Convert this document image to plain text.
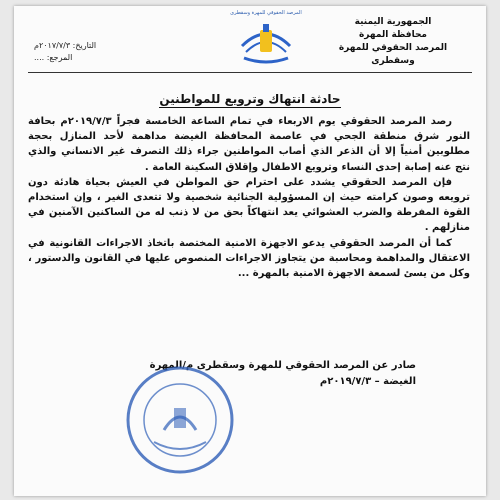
الجمهورية اليمنية
محافظة المهرة
المرصد الحقوقي للمهرة وسقطرى
المرصد الحقوقي للمهرة وسقطرى
التاريخ: ٢٠١٧/٧/٣م
المرجع: ....
حادثة انتهاك وترويع للمواطنين

رصد المرصد الحقوقي يوم الاربعاء في تمام الساعة الخامسة فجراً ٢٠١٩/٧/٣م بحافة النور شرق منطقة الجحي في عاصمة المحافظة الغيضة مداهمة لأحد المنازل بحجة مطلوبين أمنياً إلا أن الذعر الذي أصاب المواطنين جراء ذلك التصرف غير الانساني والذي نتج عنه إصابة إحدى النساء وترويع الاطفال وإقلاق السكينة العامة .

فإن المرصد الحقوقي يشدد على احترام حق المواطن في العيش بحياة هادئة دون ترويعه وصون كرامته حيث إن المسؤولية الجنائية شخصية ولا تتعدى الغير ، وإن استخدام القوة المفرطة والضرب العشوائي يعد انتهاكاً بحق من لا ذنب له من الساكنين الآمنين في منازلهم .

كما أن المرصد الحقوقي يدعو الاجهزة الامنية المختصة باتخاذ الاجراءات القانونية في الاعتقال والمداهمة ومحاسبة من يتجاوز الاجراءات المنصوص عليها في القانون والدستور ، وكل من يسئ لسمعة الاجهزة الامنية بالمهرة ...

صادر عن المرصد الحقوقي للمهرة وسقطرى م/المهرة
الغيضة – ٢٠١٩/٧/٣م
